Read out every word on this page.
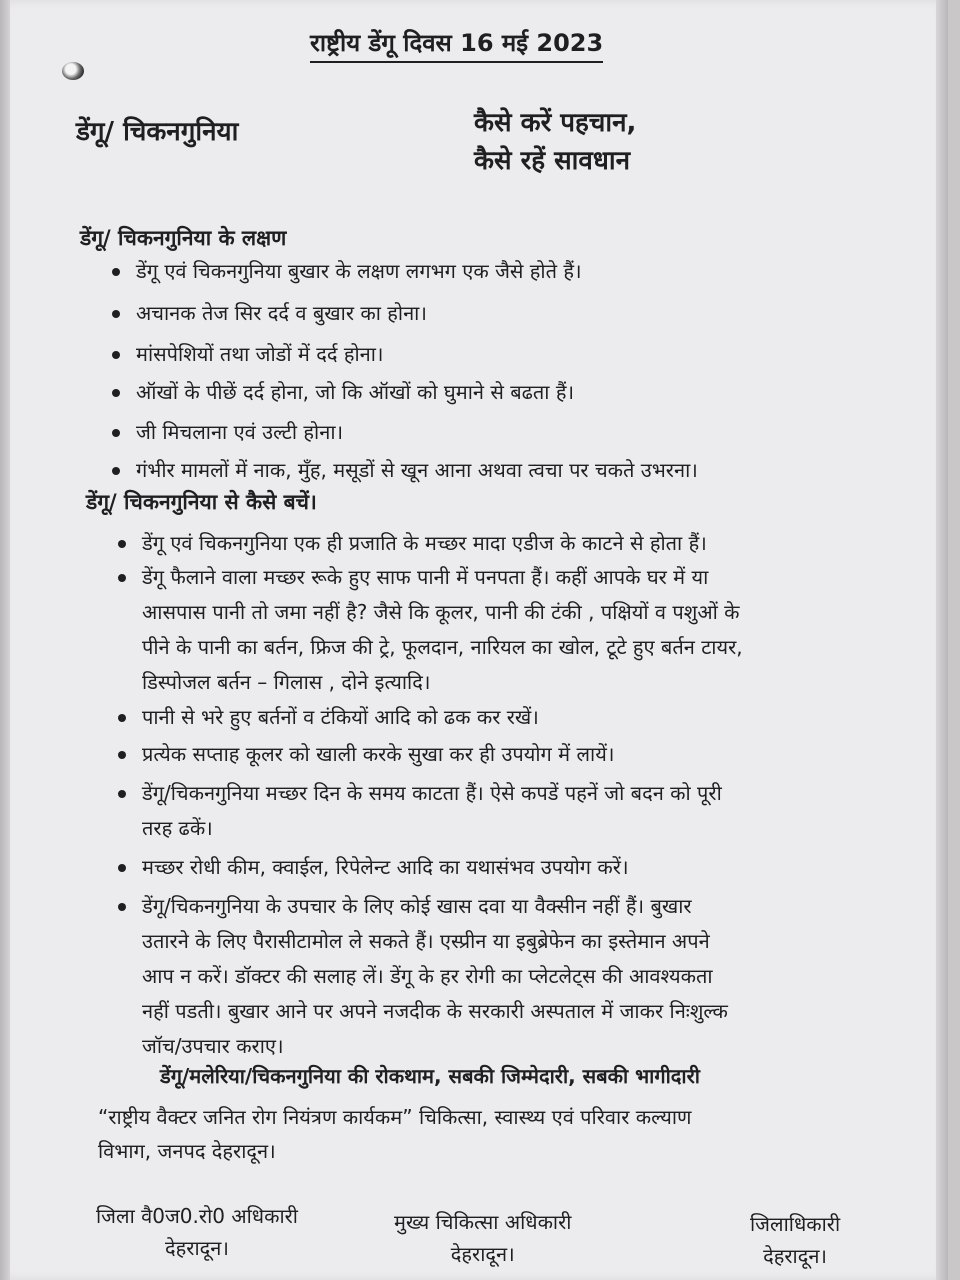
राष्ट्रीय डेंगू दिवस 16 मई 2023
डेंगू/ चिकनगुनिया	कैसे करें पहचान,
कैसे रहें सावधान
डेंगू/ चिकनगुनिया के लक्षण
डेंगू एवं चिकनगुनिया बुखार के लक्षण लगभग एक जैसे होते हैं।
अचानक तेज सिर दर्द व बुखार का होना।
मांसपेशियों तथा जोडों में दर्द होना।
ऑखों के पीछें दर्द होना, जो कि ऑखों को घुमाने से बढता हैं।
जी मिचलाना एवं उल्टी होना।
गंभीर मामलों में नाक, मुँह, मसूडों से खून आना अथवा त्वचा पर चकते उभरना।
डेंगू/ चिकनगुनिया से कैसे बचें।
डेंगू एवं चिकनगुनिया एक ही प्रजाति के मच्छर मादा एडीज के काटने से होता हैं।
डेंगू फैलाने वाला मच्छर रूके हुए साफ पानी में पनपता हैं। कहीं आपके घर में या
आसपास पानी तो जमा नहीं है? जैसे कि कूलर, पानी की टंकी , पक्षियों व पशुओं के
पीने के पानी का बर्तन, फ्रिज की ट्रे, फूलदान, नारियल का खोल, टूटे हुए बर्तन टायर,
डिस्पोजल बर्तन – गिलास , दोने इत्यादि।
पानी से भरे हुए बर्तनों व टंकियों आदि को ढक कर रखें।
प्रत्येक सप्ताह कूलर को खाली करके सुखा कर ही उपयोग में लायें।
डेंगू/चिकनगुनिया मच्छर दिन के समय काटता हैं। ऐसे कपडें पहनें जो बदन को पूरी
तरह ढकें।
मच्छर रोधी कीम, क्वाईल, रिपेलेन्ट आदि का यथासंभव उपयोग करें।
डेंगू/चिकनगुनिया के उपचार के लिए कोई खास दवा या वैक्सीन नहीं हैं। बुखार
उतारने के लिए पैरासीटामोल ले सकते हैं। एस्प्रीन या इबुब्रेफेन का इस्तेमान अपने
आप न करें। डॉक्टर की सलाह लें। डेंगू के हर रोगी का प्लेटलेट्स की आवश्यकता
नहीं पडती। बुखार आने पर अपने नजदीक के सरकारी अस्पताल में जाकर निःशुल्क
जॉच/उपचार कराए।
डेंगू/मलेरिया/चिकनगुनिया की रोकथाम, सबकी जिम्मेदारी, सबकी भागीदारी
“राष्ट्रीय वैक्टर जनित रोग नियंत्रण कार्यकम” चिकित्सा, स्वास्थ्य एवं परिवार कल्याण
विभाग, जनपद देहरादून।
जिला वै0ज0.रो0 अधिकारी
देहरादून।
मुख्य चिकित्सा अधिकारी
देहरादून।
जिलाधिकारी
देहरादून।
